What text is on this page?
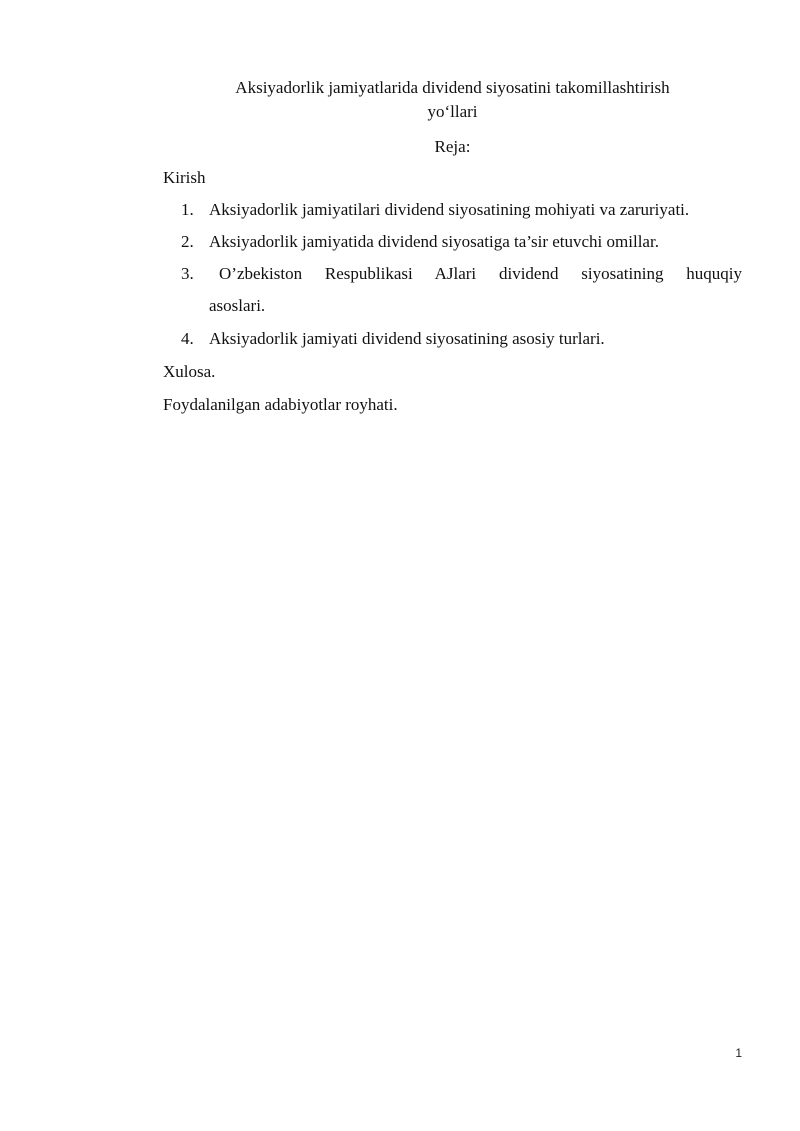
Aksiyadorlik jamiyatlarida dividend siyosatini takomillashtirish
yo‘llari
Reja:

Kirish

1. Aksiyadorlik jamiyatilari dividend siyosatining mohiyati va zaruriyati.
2. Aksiyadorlik jamiyatida dividend siyosatiga ta’sir etuvchi omillar.
3.	O’zbekiston Respublikasi AJlari dividend siyosatining huquqiy
asoslari.
4. Aksiyadorlik jamiyati dividend siyosatining asosiy turlari.

Xulosa.

Foydalanilgan adabiyotlar royhati.

1
